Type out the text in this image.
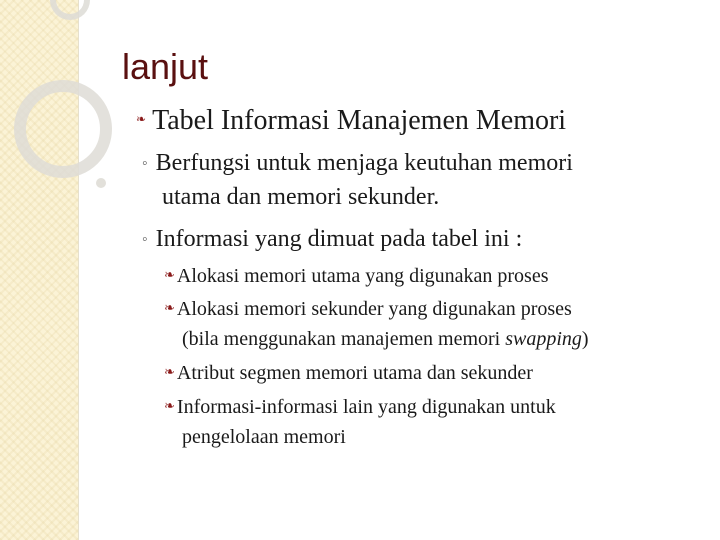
lanjut

❧ Tabel Informasi Manajemen Memori

◦ Berfungsi untuk menjaga keutuhan memori

utama dan memori sekunder.

◦ Informasi yang dimuat pada tabel ini :

❧ Alokasi memori utama yang digunakan proses

❧ Alokasi memori sekunder yang digunakan proses

(bila menggunakan manajemen memori swapping)

❧ Atribut segmen memori utama dan sekunder

❧ Informasi-informasi lain yang digunakan untuk

pengelolaan memori
